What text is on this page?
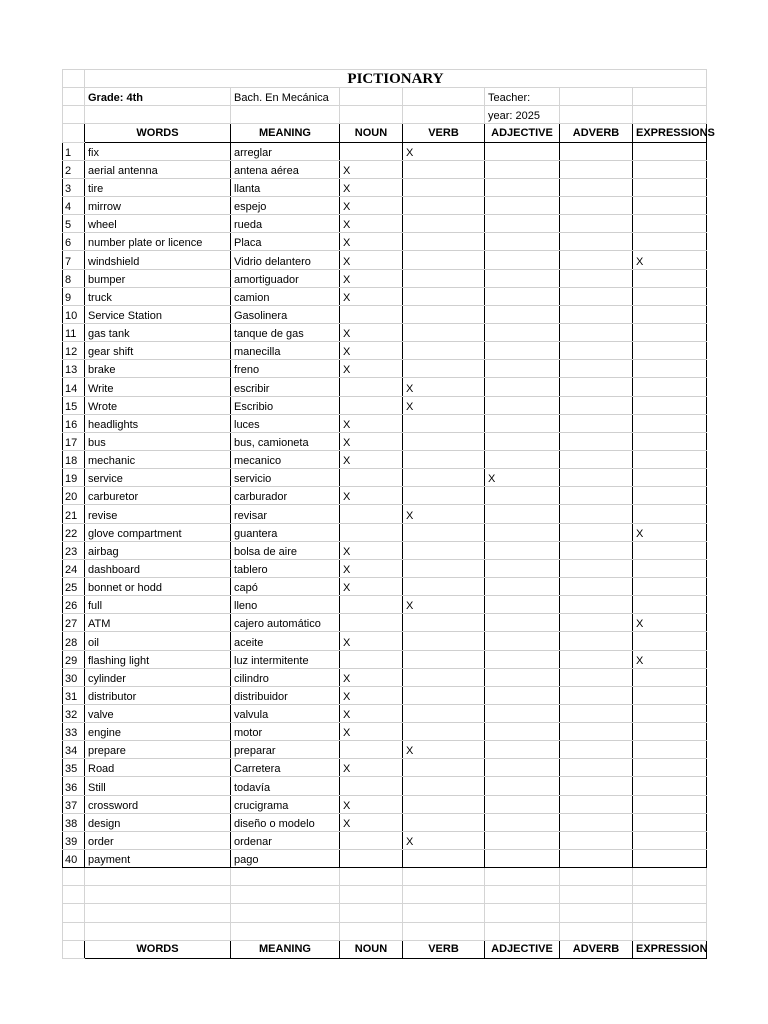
	PICTIONARY						
	Grade: 4th	Bach. En Mecánica			Teacher:		
					year: 2025		
	WORDS	MEANING	NOUN	VERB	ADJECTIVE	ADVERB	EXPRESSIONS
1	fix	arreglar		X			
2	aerial antenna	antena aérea	X				
3	tire	llanta	X				
4	mirrow	espejo	X				
5	wheel	rueda	X				
6	number plate or licence	Placa	X				
7	windshield	Vidrio delantero	X				X
8	bumper	amortiguador	X				
9	truck	camion	X				
10	Service Station	Gasolinera					
11	gas tank	tanque de gas	X				
12	gear shift	manecilla	X				
13	brake	freno	X				
14	Write	escribir		X			
15	Wrote	Escribio		X			
16	headlights	luces	X				
17	bus	bus, camioneta	X				
18	mechanic	mecanico	X				
19	service	servicio			X		
20	carburetor	carburador	X				
21	revise	revisar		X			
22	glove compartment	guantera					X
23	airbag	bolsa de aire	X				
24	dashboard	tablero	X				
25	bonnet or hodd	capó	X				
26	full	lleno		X			
27	ATM	cajero automático					X
28	oil	aceite	X				
29	flashing light	luz intermitente					X
30	cylinder	cilindro	X				
31	distributor	distribuidor	X				
32	valve	valvula	X				
33	engine	motor	X				
34	prepare	preparar		X			
35	Road	Carretera	X				
36	Still	todavía					
37	crossword	crucigrama	X				
38	design	diseño o modelo	X				
39	order	ordenar		X			
40	payment	pago					

	WORDS	MEANING	NOUN	VERB	ADJECTIVE	ADVERB	EXPRESSION
